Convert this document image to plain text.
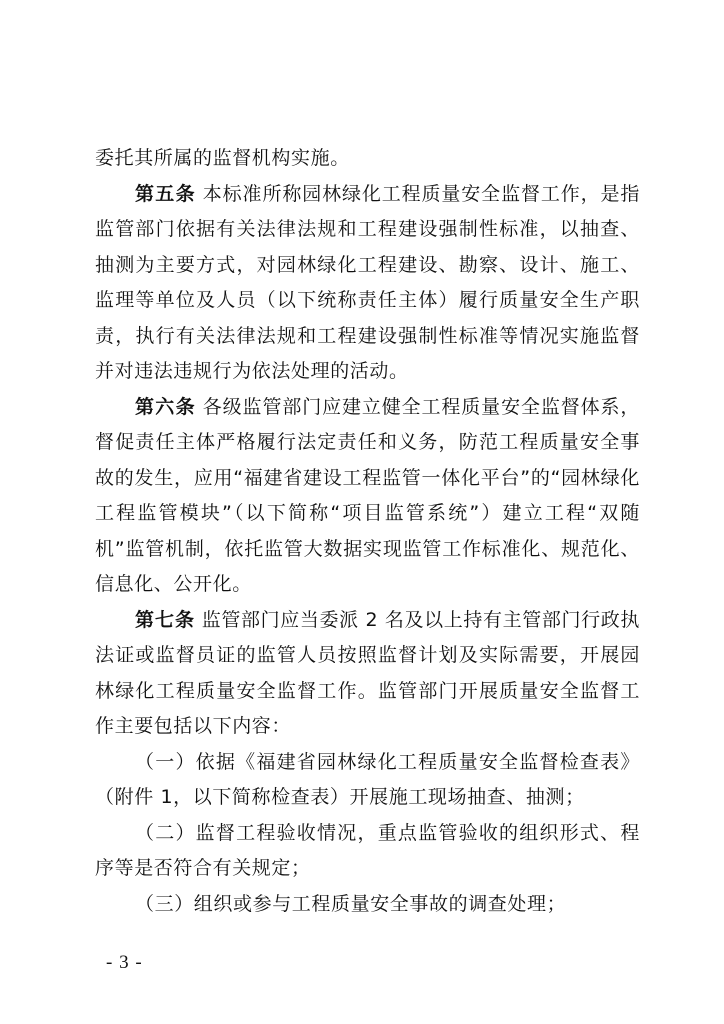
委托其所属的监督机构实施。

第五条 本标准所称园林绿化工程质量安全监督工作，是指监管部门依据有关法律法规和工程建设强制性标准，以抽查、抽测为主要方式，对园林绿化工程建设、勘察、设计、施工、监理等单位及人员（以下统称责任主体）履行质量安全生产职责，执行有关法律法规和工程建设强制性标准等情况实施监督并对违法违规行为依法处理的活动。

第六条 各级监管部门应建立健全工程质量安全监督体系，督促责任主体严格履行法定责任和义务，防范工程质量安全事故的发生，应用“福建省建设工程监管一体化平台”的“园林绿化工程监管模块”（以下简称“项目监管系统”）建立工程“双随机”监管机制，依托监管大数据实现监管工作标准化、规范化、信息化、公开化。

第七条 监管部门应当委派 2 名及以上持有主管部门行政执法证或监督员证的监管人员按照监督计划及实际需要，开展园林绿化工程质量安全监督工作。监管部门开展质量安全监督工作主要包括以下内容：

（一）依据《福建省园林绿化工程质量安全监督检查表》（附件 1，以下简称检查表）开展施工现场抽查、抽测；

（二）监督工程验收情况，重点监管验收的组织形式、程序等是否符合有关规定；

（三）组织或参与工程质量安全事故的调查处理；

- 3 -
